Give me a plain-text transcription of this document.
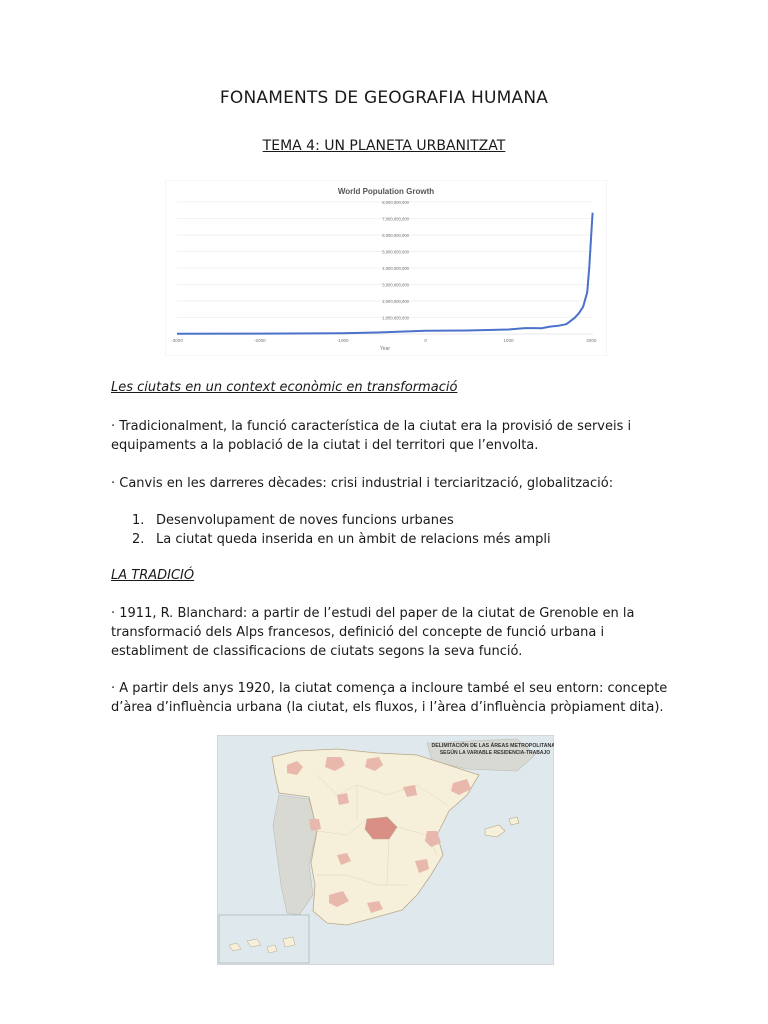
FONAMENTS DE GEOGRAFIA HUMANA
TEMA 4: UN PLANETA URBANITZAT
World Population Growth
1,000,000,000
2,000,000,000
3,000,000,000
4,000,000,000
5,000,000,000
6,000,000,000
7,000,000,000
8,000,000,000
-3000	-2000	-1000	0	1000	2000
Year
Les ciutats en un context econòmic en transformació
· Tradicionalment, la funció característica de la ciutat era la provisió de serveis i equipaments a la població de la ciutat i del territori que l’envolta.
· Canvis en les darreres dècades: crisi industrial i terciarització, globalització:
1. Desenvolupament de noves funcions urbanes
2. La ciutat queda inserida en un àmbit de relacions més ampli
LA TRADICIÓ
· 1911, R. Blanchard: a partir de l’estudi del paper de la ciutat de Grenoble en la transformació dels Alps francesos, definició del concepte de funció urbana i establiment de classificacions de ciutats segons la seva funció.
· A partir dels anys 1920, la ciutat comença a incloure també el seu entorn: concepte d’àrea d’influència urbana (la ciutat, els fluxos, i l’àrea d’influència pròpiament dita).
DELIMITACIÓN DE LAS ÁREAS METROPOLITANAS
SEGÚN LA VARIABLE RESIDENCIA-TRABAJO
